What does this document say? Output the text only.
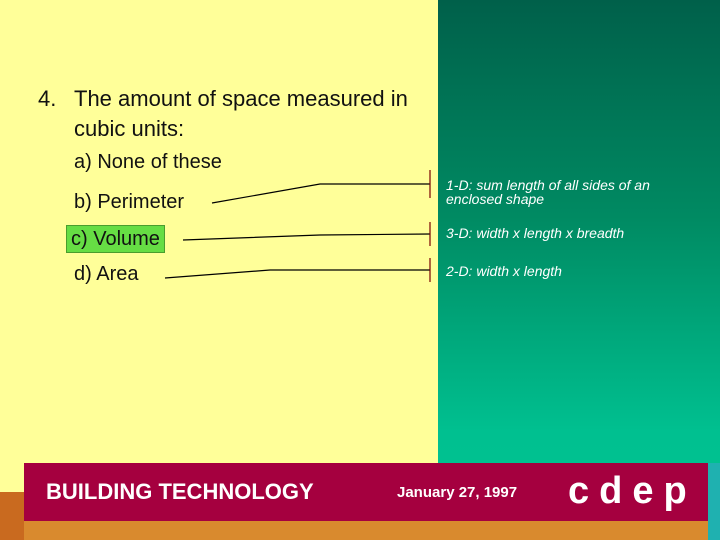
4. The amount of space measured in cubic units:
a) None of these
b) Perimeter
c) Volume
d) Area
1-D: sum length of all sides of an enclosed shape
3-D: width x length x breadth
2-D: width x length
BUILDING TECHNOLOGY	January 27, 1997 cdep
